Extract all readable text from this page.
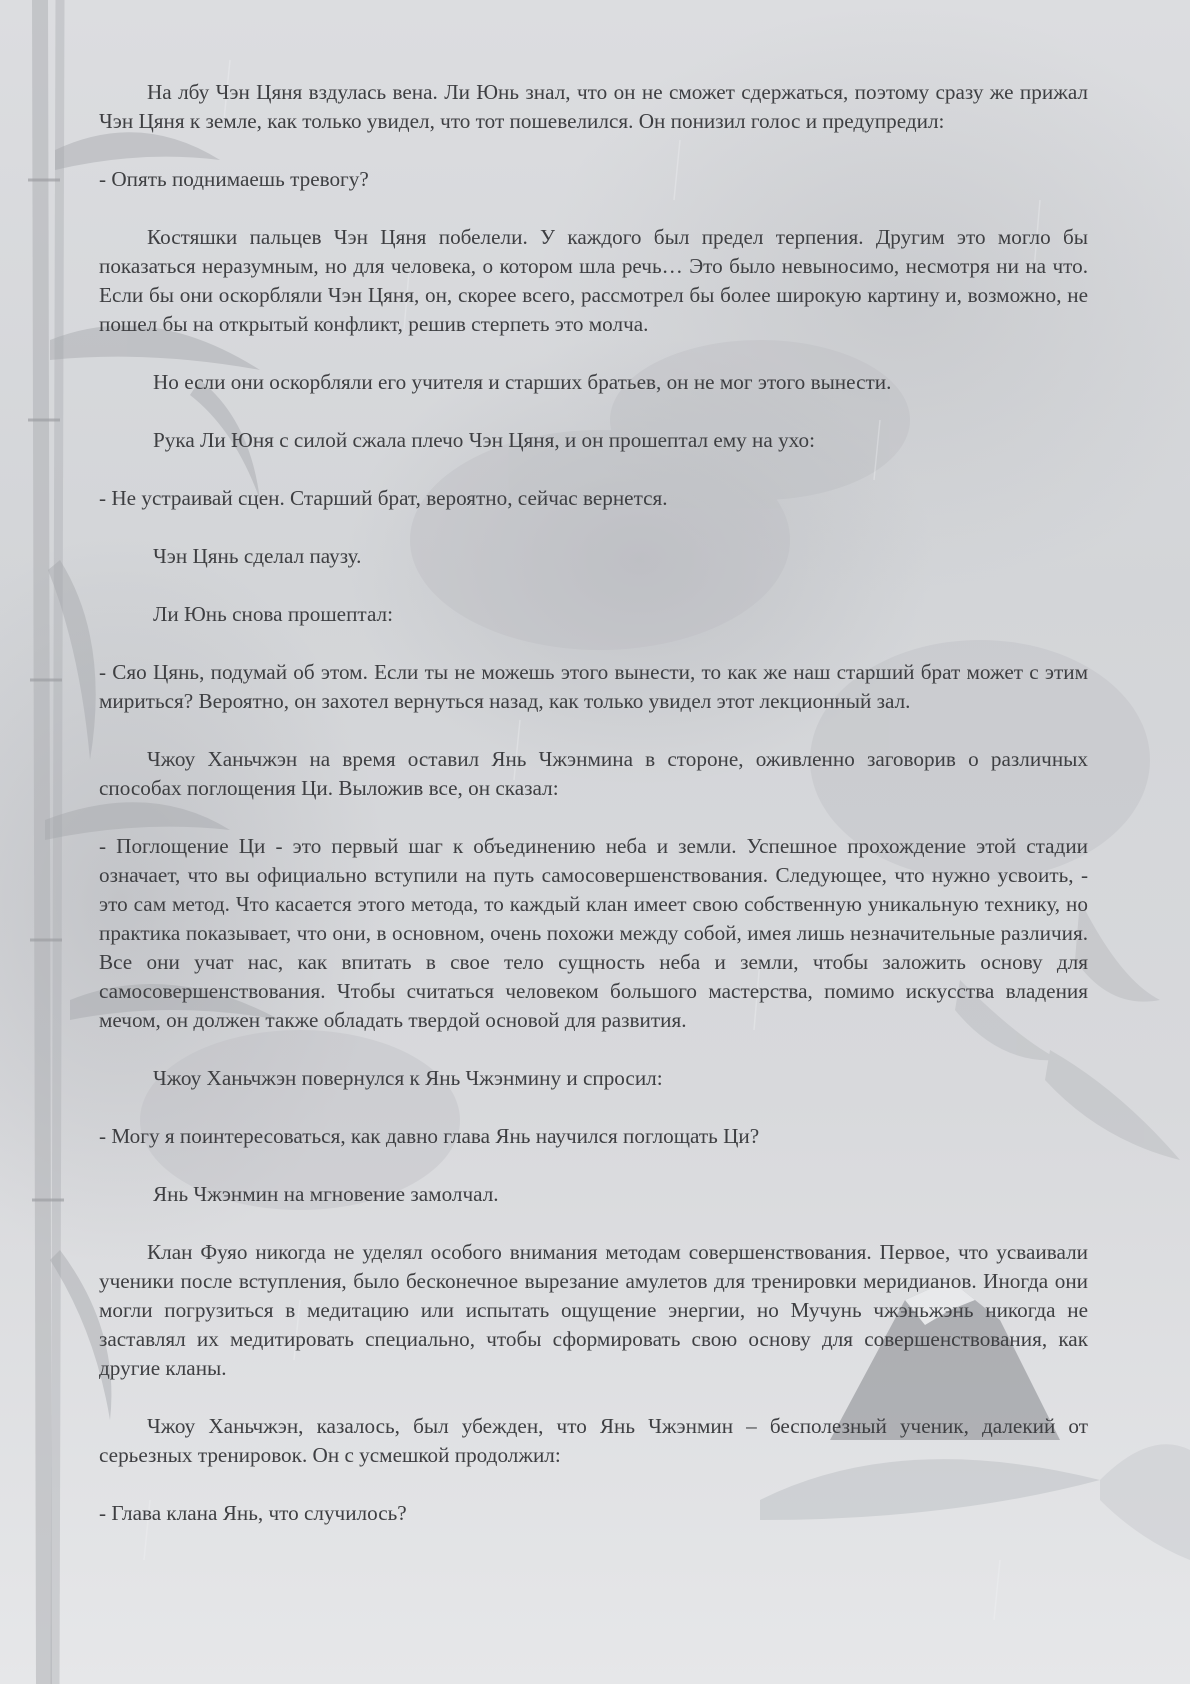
На лбу Чэн Цяня вздулась вена. Ли Юнь знал, что он не сможет сдержаться, поэтому сразу же прижал Чэн Цяня к земле, как только увидел, что тот пошевелился. Он понизил голос и предупредил:

- Опять поднимаешь тревогу?

Костяшки пальцев Чэн Цяня побелели. У каждого был предел терпения. Другим это могло бы показаться неразумным, но для человека, о котором шла речь… Это было невыносимо, несмотря ни на что. Если бы они оскорбляли Чэн Цяня, он, скорее всего, рассмотрел бы более широкую картину и, возможно, не пошел бы на открытый конфликт, решив стерпеть это молча.

Но если они оскорбляли его учителя и старших братьев, он не мог этого вынести.

Рука Ли Юня с силой сжала плечо Чэн Цяня, и он прошептал ему на ухо:

- Не устраивай сцен. Старший брат, вероятно, сейчас вернется.

Чэн Цянь сделал паузу.

Ли Юнь снова прошептал:

- Сяо Цянь, подумай об этом. Если ты не можешь этого вынести, то как же наш старший брат может с этим мириться? Вероятно, он захотел вернуться назад, как только увидел этот лекционный зал.

Чжоу Ханьчжэн на время оставил Янь Чжэнмина в стороне, оживленно заговорив о различных способах поглощения Ци. Выложив все, он сказал:

- Поглощение Ци - это первый шаг к объединению неба и земли. Успешное прохождение этой стадии означает, что вы официально вступили на путь самосовершенствования. Следующее, что нужно усвоить, - это сам метод. Что касается этого метода, то каждый клан имеет свою собственную уникальную технику, но практика показывает, что они, в основном, очень похожи между собой, имея лишь незначительные различия. Все они учат нас, как впитать в свое тело сущность неба и земли, чтобы заложить основу для самосовершенствования. Чтобы считаться человеком большого мастерства, помимо искусства владения мечом, он должен также обладать твердой основой для развития.

Чжоу Ханьчжэн повернулся к Янь Чжэнмину и спросил:

- Могу я поинтересоваться, как давно глава Янь научился поглощать Ци?

Янь Чжэнмин на мгновение замолчал.

Клан Фуяо никогда не уделял особого внимания методам совершенствования. Первое, что усваивали ученики после вступления, было бесконечное вырезание амулетов для тренировки меридианов. Иногда они могли погрузиться в медитацию или испытать ощущение энергии, но Мучунь чжэньжэнь никогда не заставлял их медитировать специально, чтобы сформировать свою основу для совершенствования, как другие кланы.

Чжоу Ханьчжэн, казалось, был убежден, что Янь Чжэнмин – бесполезный ученик, далекий от серьезных тренировок. Он с усмешкой продолжил:

- Глава клана Янь, что случилось?
